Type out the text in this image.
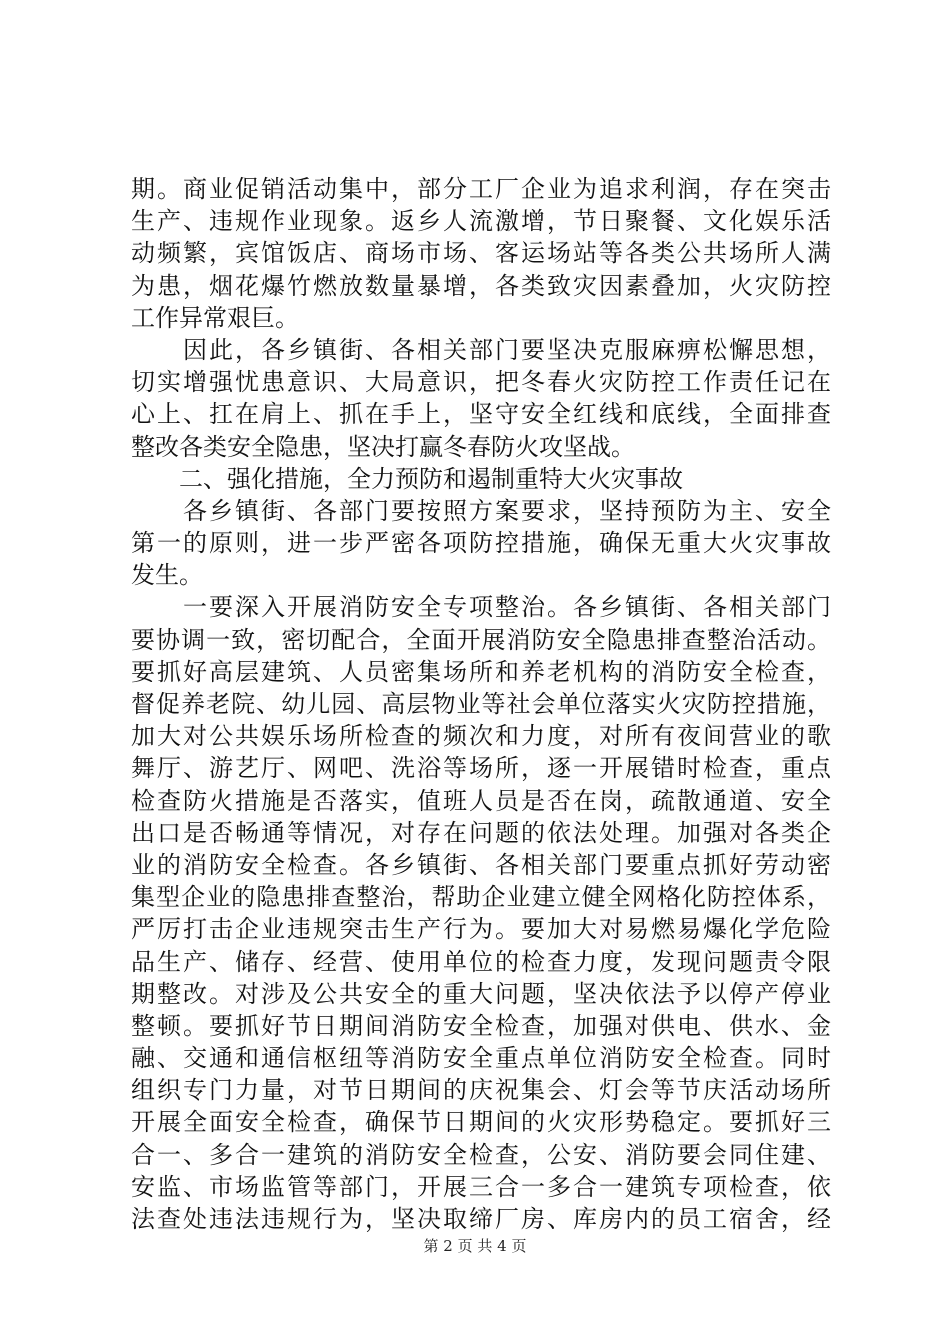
期。商业促销活动集中，部分工厂企业为追求利润，存在突击
生产、违规作业现象。返乡人流激增，节日聚餐、文化娱乐活
动频繁，宾馆饭店、商场市场、客运场站等各类公共场所人满
为患，烟花爆竹燃放数量暴增，各类致灾因素叠加，火灾防控
工作异常艰巨。
　　因此，各乡镇街、各相关部门要坚决克服麻痹松懈思想，
切实增强忧患意识、大局意识，把冬春火灾防控工作责任记在
心上、扛在肩上、抓在手上，坚守安全红线和底线，全面排查
整改各类安全隐患，坚决打赢冬春防火攻坚战。
　　二、强化措施，全力预防和遏制重特大火灾事故
　　各乡镇街、各部门要按照方案要求，坚持预防为主、安全
第一的原则，进一步严密各项防控措施，确保无重大火灾事故
发生。
　　一要深入开展消防安全专项整治。各乡镇街、各相关部门
要协调一致，密切配合，全面开展消防安全隐患排查整治活动。
要抓好高层建筑、人员密集场所和养老机构的消防安全检查，
督促养老院、幼儿园、高层物业等社会单位落实火灾防控措施，
加大对公共娱乐场所检查的频次和力度，对所有夜间营业的歌
舞厅、游艺厅、网吧、洗浴等场所，逐一开展错时检查，重点
检查防火措施是否落实，值班人员是否在岗，疏散通道、安全
出口是否畅通等情况，对存在问题的依法处理。加强对各类企
业的消防安全检查。各乡镇街、各相关部门要重点抓好劳动密
集型企业的隐患排查整治，帮助企业建立健全网格化防控体系，
严厉打击企业违规突击生产行为。要加大对易燃易爆化学危险
品生产、储存、经营、使用单位的检查力度，发现问题责令限
期整改。对涉及公共安全的重大问题，坚决依法予以停产停业
整顿。要抓好节日期间消防安全检查，加强对供电、供水、金
融、交通和通信枢纽等消防安全重点单位消防安全检查。同时
组织专门力量，对节日期间的庆祝集会、灯会等节庆活动场所
开展全面安全检查，确保节日期间的火灾形势稳定。要抓好三
合一、多合一建筑的消防安全检查，公安、消防要会同住建、
安监、市场监管等部门，开展三合一多合一建筑专项检查，依
法查处违法违规行为，坚决取缔厂房、库房内的员工宿舍，经
第 2 页 共 4 页
